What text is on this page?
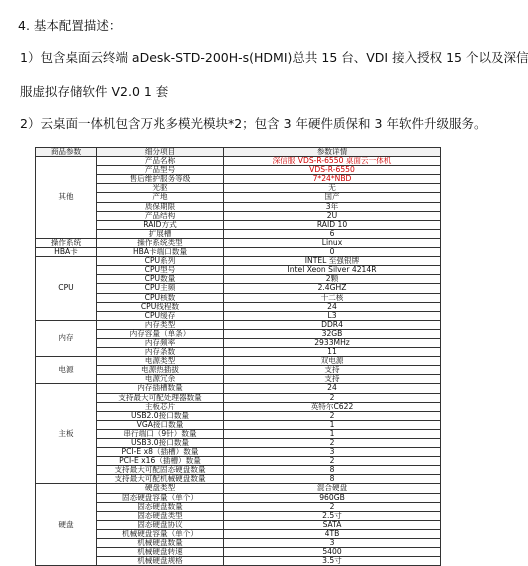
4. 基本配置描述：
1）包含桌面云终端 aDesk-STD-200H-s(HDMI)总共 15 台、VDI 接入授权 15 个以及深信
服虚拟存储软件 V2.0 1 套
2）云桌面一体机包含万兆多模光模块*2；包含 3 年硬件质保和 3 年软件升级服务。
商品参数	细分项目	参数详情
其他	产品名称	深信服 VDS-R-6550 桌面云一体机
	产品型号	VDS-R-6550
	售后维护服务等级	7*24*NBD
	光驱	无
	产地	国产
	质保期限	3年
	产品结构	2U
	RAID方式	RAID 10
	扩展槽	6
操作系统	操作系统类型	Linux
HBA卡	HBA卡端口数量	0
CPU	CPU系列	INTEL 至强银牌
	CPU型号	Intel Xeon Silver 4214R
	CPU数量	2颗
	CPU主频	2.4GHZ
	CPU核数	十二核
	CPU线程数	24
	CPU缓存	L3
内存	内存类型	DDR4
	内存容量（单条）	32GB
	内存频率	2933MHz
	内存条数	11
电源	电源类型	双电源
	电源热插拔	支持
	电源冗余	支持
主板	内存插槽数量	24
	支持最大可配处理器数量	2
	主板芯片	英特尔C622
	USB2.0接口数量	2
	VGA接口数量	1
	串行端口（9针）数量	1
	USB3.0接口数量	2
	PCI-E x8（插槽）数量	3
	PCI-E x16（插槽）数量	2
	支持最大可配固态硬盘数量	8
	支持最大可配机械硬盘数量	8
硬盘	硬盘类型	混合硬盘
	固态硬盘容量（单个）	960GB
	固态硬盘数量	2
	固态硬盘类型	2.5寸
	固态硬盘协议	SATA
	机械硬盘容量（单个）	4TB
	机械硬盘数量	3
	机械硬盘转速	5400
	机械硬盘规格	3.5寸
